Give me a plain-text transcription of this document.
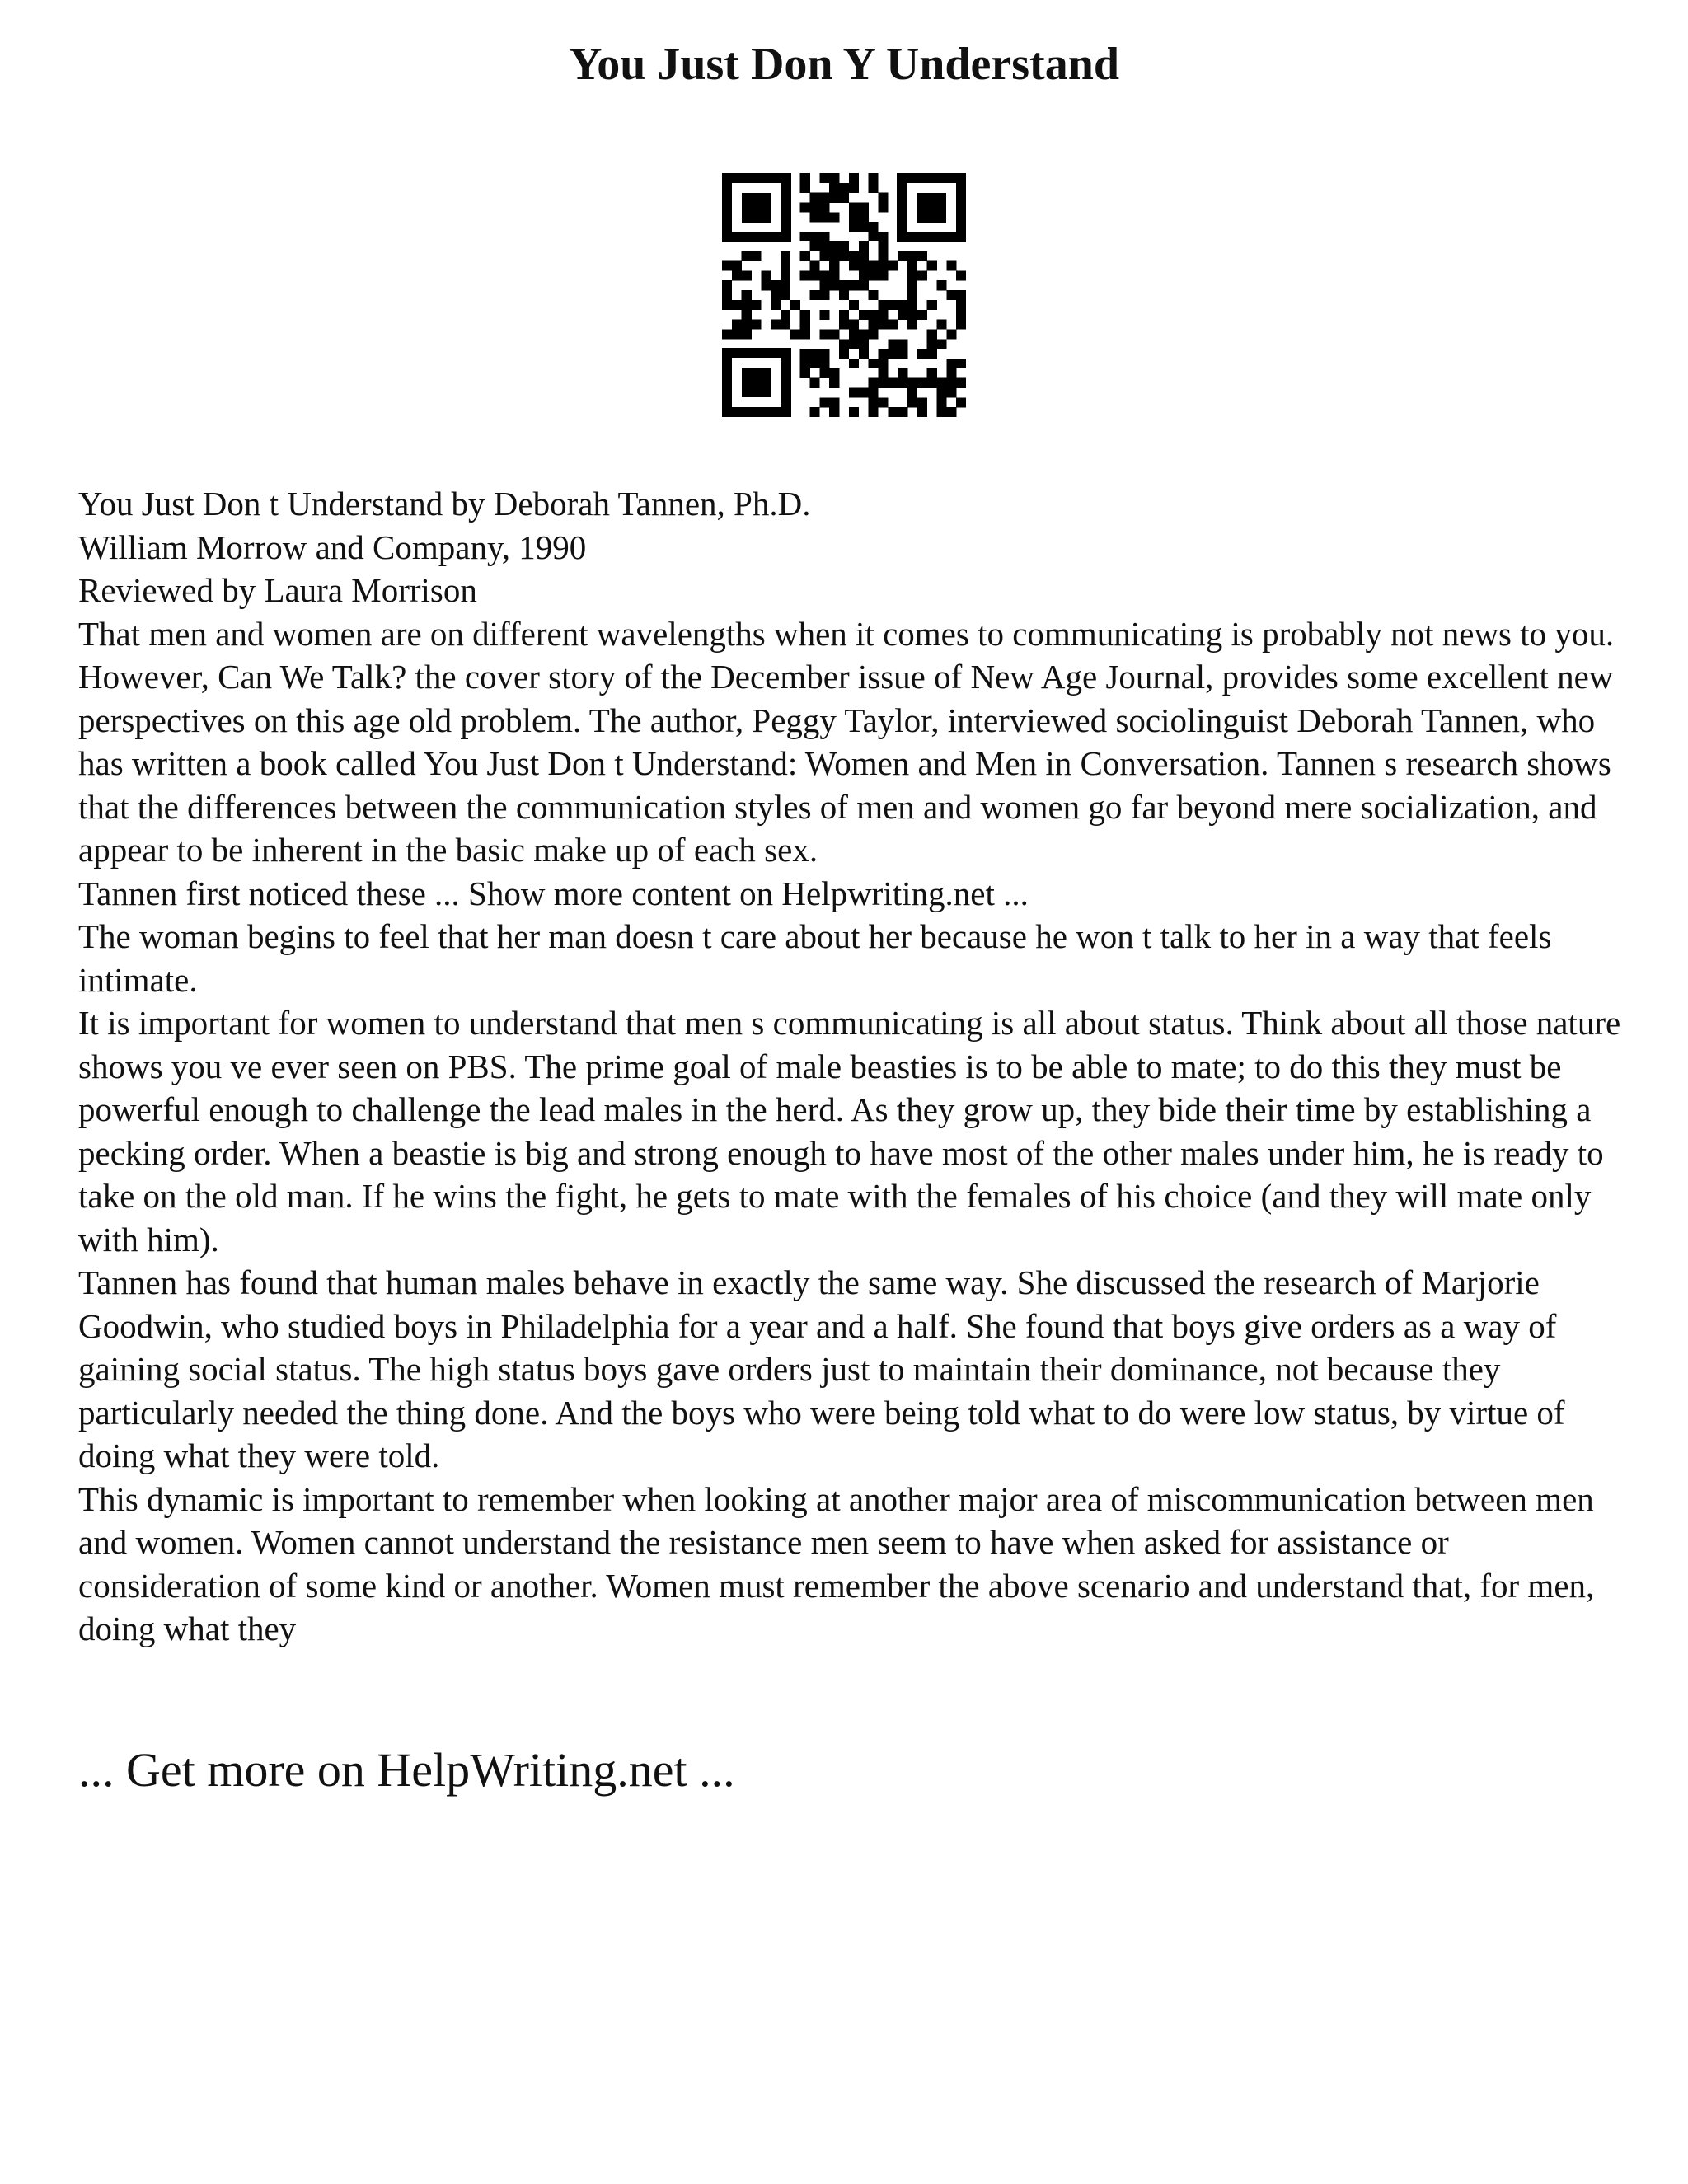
You Just Don Y Understand

You Just Don t Understand by Deborah Tannen, Ph.D.

William Morrow and Company, 1990

Reviewed by Laura Morrison

That men and women are on different wavelengths when it comes to communicating is probably not news to you. However, Can We Talk? the cover story of the December issue of New Age Journal, provides some excellent new perspectives on this age old problem. The author, Peggy Taylor, interviewed sociolinguist Deborah Tannen, who has written a book called You Just Don t Understand: Women and Men in Conversation. Tannen s research shows that the differences between the communication styles of men and women go far beyond mere socialization, and appear to be inherent in the basic make up of each sex.

Tannen first noticed these ... Show more content on Helpwriting.net ...

The woman begins to feel that her man doesn t care about her because he won t talk to her in a way that feels intimate.

It is important for women to understand that men s communicating is all about status. Think about all those nature shows you ve ever seen on PBS. The prime goal of male beasties is to be able to mate; to do this they must be powerful enough to challenge the lead males in the herd. As they grow up, they bide their time by establishing a pecking order. When a beastie is big and strong enough to have most of the other males under him, he is ready to take on the old man. If he wins the fight, he gets to mate with the females of his choice (and they will mate only with him).

Tannen has found that human males behave in exactly the same way. She discussed the research of Marjorie Goodwin, who studied boys in Philadelphia for a year and a half. She found that boys give orders as a way of gaining social status. The high status boys gave orders just to maintain their dominance, not because they particularly needed the thing done. And the boys who were being told what to do were low status, by virtue of doing what they were told.

This dynamic is important to remember when looking at another major area of miscommunication between men and women. Women cannot understand the resistance men seem to have when asked for assistance or consideration of some kind or another. Women must remember the above scenario and understand that, for men, doing what they

... Get more on HelpWriting.net ...
